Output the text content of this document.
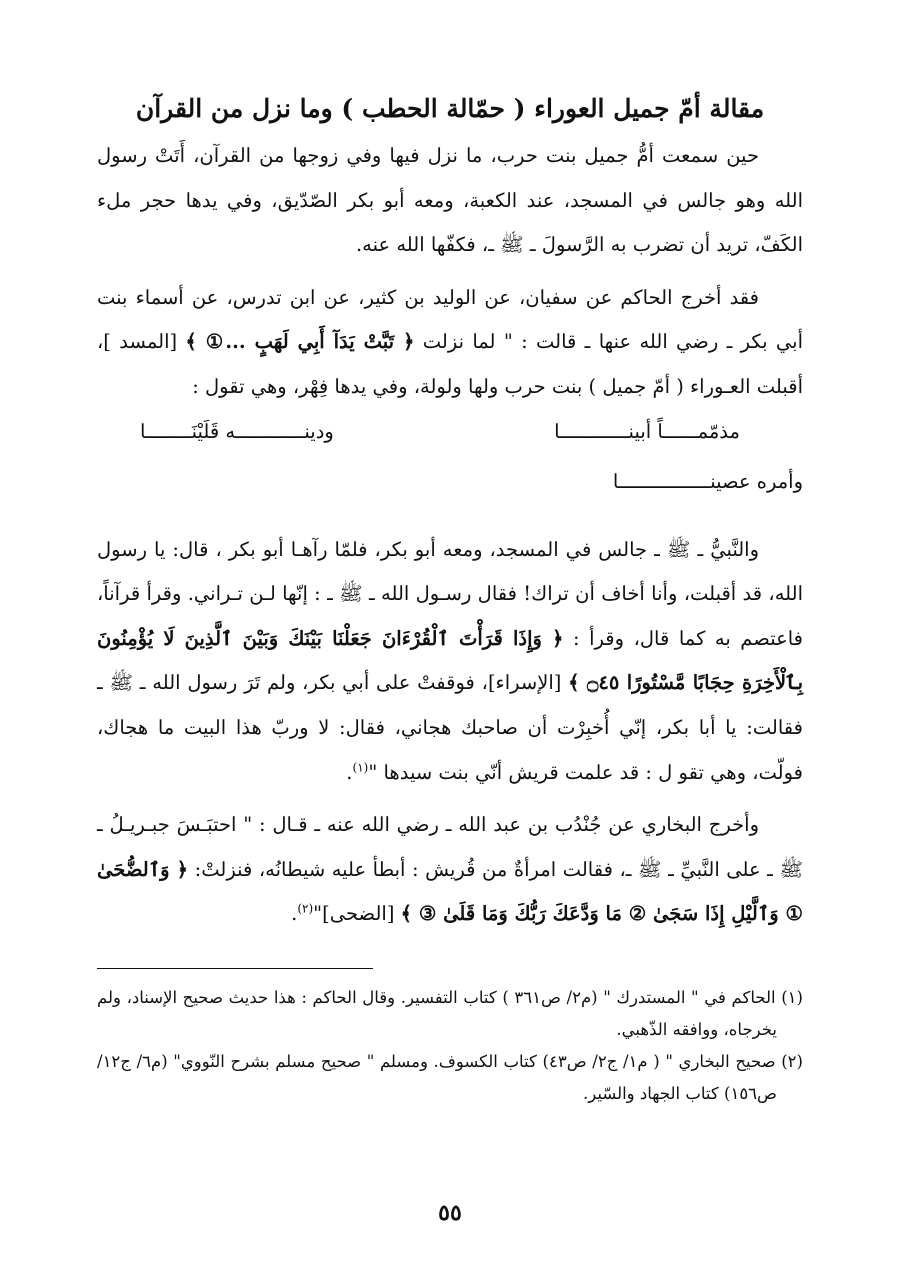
مقالة أمّ جميل العوراء ( حمّالة الحطب ) وما نزل من القرآن

حين سمعت أمُّ جميل بنت حرب، ما نزل فيها وفي زوجها من القرآن، أَتَتْ رسول الله وهو جالس في المسجد، عند الكعبة، ومعه أبو بكر الصّدّيق، وفي يدها حجر ملء الكَفّ، تريد أن تضرب به الرَّسولَ ـ ﷺ ـ، فكفّها الله عنه.

فقد أخرج الحاكم عن سفيان، عن الوليد بن كثير، عن ابن تدرس، عن أسماء بنت أبي بكر ـ رضي الله عنها ـ قالت : " لما نزلت ﴿ تَبَّتْ يَدَآ أَبِي لَهَبٍ ...① ﴾ [المسد ]، أقبلت العـوراء ( أمّ جميل ) بنت حرب ولها ولولة، وفي يدها فِهْر، وهي تقول :

مذمّمــــــاً أبينــــــــــــا
ودينــــــــــــه قَلَيْنَــــــــا
وأمره عصينــــــــــــــــا

والنَّبيُّ ـ ﷺ ـ جالس في المسجد، ومعه أبو بكر، فلمّا رآهـا أبو بكر ، قال: يا رسول الله، قد أقبلت، وأنا أخاف أن تراك! فقال رسـول الله ـ ﷺ ـ : إنّها لـن تـراني. وقرأ قرآناً، فاعتصم به كما قال، وقرأ : ﴿ وَإِذَا قَرَأْتَ ٱلْقُرْءَانَ جَعَلْنَا بَيْنَكَ وَبَيْنَ ٱلَّذِينَ لَا يُؤْمِنُونَ بِٱلْأَخِرَةِ حِجَابًا مَّسْتُورًا ۝٤٥ ﴾ [الإسراء]، فوقفتْ على أبي بكر، ولم تَرَ رسول الله ـ ﷺ ـ فقالت: يا أبا بكر، إنّي أُخبِرْت أن صاحبك هجاني، فقال: لا وربّ هذا البيت ما هجاك، فولّت، وهي تقو ل : قد علمت قريش أنّي بنت سيدها "$^{(١)}$.

وأخرج البخاري عن جُنْدُب بن عبد الله ـ رضي الله عنه ـ قـال : " احتبَـسَ جبـريـلُ ـ ﷺ ـ على النَّبيِّ ـ ﷺ ـ، فقالت امرأةٌ من قُريش : أبطأ عليه شيطانُه، فنزلتْ: ﴿ وَٱلضُّحَىٰ ① وَٱلَّيْلِ إِذَا سَجَىٰ ② مَا وَدَّعَكَ رَبُّكَ وَمَا قَلَىٰ ③ ﴾ [الضحى]"$^{(٢)}$.

(١) الحاكم في " المستدرك " (م٢/ ص٣٦١ ) كتاب التفسير. وقال الحاكم : هذا حديث صحيح الإسناد، ولم يخرجاه، ووافقه الذّهبي.

(٢) صحيح البخاري " ( م١/ ج٢/ ص٤٣) كتاب الكسوف. ومسلم " صحيح مسلم بشرح النّووي" (م٦/ ج١٢/ ص١٥٦) كتاب الجهاد والسّير.

٥٥
